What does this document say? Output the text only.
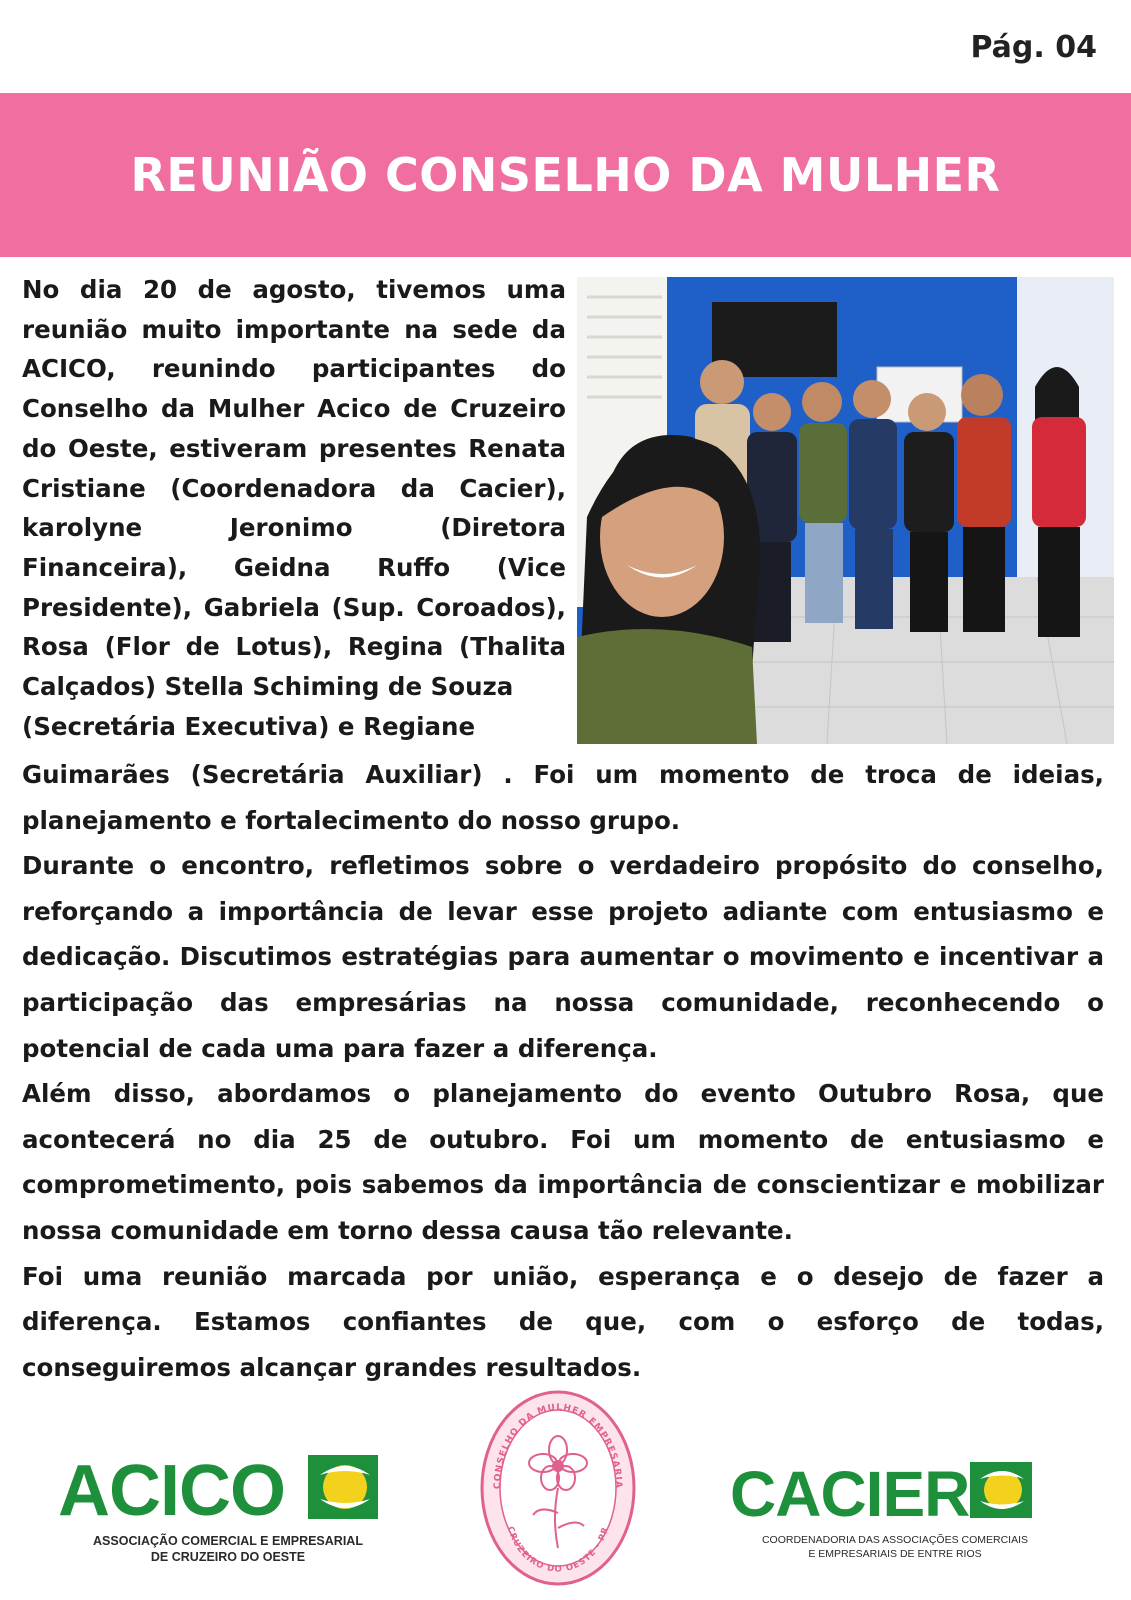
Pág. 04
REUNIÃO CONSELHO DA MULHER

No dia 20 de agosto, tivemos uma reunião muito importante na sede da ACICO, reunindo participantes do Conselho da Mulher Acico de Cruzeiro do Oeste, estiveram presentes Renata Cristiane (Coordenadora da Cacier), karolyne Jeronimo (Diretora Financeira), Geidna Ruffo (Vice Presidente), Gabriela (Sup. Coroados), Rosa (Flor de Lotus), Regina (Thalita Calçados) Stella Schiming de Souza
(Secretária Executiva) e Regiane

Guimarães (Secretária Auxiliar) . Foi um momento de troca de ideias, planejamento e fortalecimento do nosso grupo.

Durante o encontro, refletimos sobre o verdadeiro propósito do conselho, reforçando a importância de levar esse projeto adiante com entusiasmo e dedicação. Discutimos estratégias para aumentar o movimento e incentivar a participação das empresárias na nossa comunidade, reconhecendo o potencial de cada uma para fazer a diferença.

Além disso, abordamos o planejamento do evento Outubro Rosa, que acontecerá no dia 25 de outubro. Foi um momento de entusiasmo e comprometimento, pois sabemos da importância de conscientizar e mobilizar nossa comunidade em torno dessa causa tão relevante.

Foi uma reunião marcada por união, esperança e o desejo de fazer a diferença. Estamos confiantes de que, com o esforço de todas, conseguiremos alcançar grandes resultados.

ACICO
ASSOCIAÇÃO COMERCIAL E EMPRESARIAL
DE CRUZEIRO DO OESTE
CONSELHO DA MULHER EMPRESARIA
CRUZEIRO DO OESTE - PR
CACIER
COORDENADORIA DAS ASSOCIAÇÕES COMERCIAIS
E EMPRESARIAIS DE ENTRE RIOS
